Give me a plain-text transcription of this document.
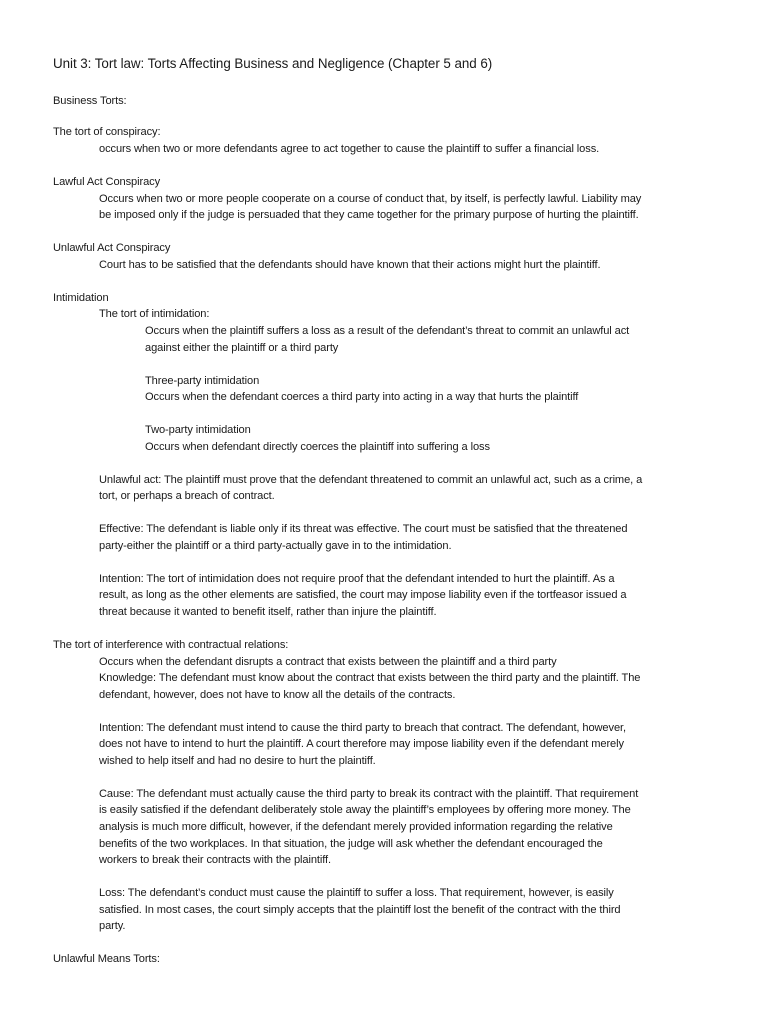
Unit 3: Tort law: Torts Affecting Business and Negligence (Chapter 5 and 6)
Business Torts:
The tort of conspiracy:
occurs when two or more defendants agree to act together to cause the plaintiff to suffer a financial loss.
Lawful Act Conspiracy
Occurs when two or more people cooperate on a course of conduct that, by itself, is perfectly lawful. Liability may
be imposed only if the judge is persuaded that they came together for the primary purpose of hurting the plaintiff.
Unlawful Act Conspiracy
Court has to be satisfied that the defendants should have known that their actions might hurt the plaintiff.
Intimidation
The tort of intimidation:
Occurs when the plaintiff suffers a loss as a result of the defendant’s threat to commit an unlawful act
against either the plaintiff or a third party
Three-party intimidation
Occurs when the defendant coerces a third party into acting in a way that hurts the plaintiff
Two-party intimidation
Occurs when defendant directly coerces the plaintiff into suffering a loss
Unlawful act: The plaintiff must prove that the defendant threatened to commit an unlawful act, such as a crime, a
tort, or perhaps a breach of contract.
Effective: The defendant is liable only if its threat was effective. The court must be satisfied that the threatened
party-either the plaintiff or a third party-actually gave in to the intimidation.
Intention: The tort of intimidation does not require proof that the defendant intended to hurt the plaintiff. As a
result, as long as the other elements are satisfied, the court may impose liability even if the tortfeasor issued a
threat because it wanted to benefit itself, rather than injure the plaintiff.
The tort of interference with contractual relations:
Occurs when the defendant disrupts a contract that exists between the plaintiff and a third party
Knowledge: The defendant must know about the contract that exists between the third party and the plaintiff. The
defendant, however, does not have to know all the details of the contracts.
Intention: The defendant must intend to cause the third party to breach that contract. The defendant, however,
does not have to intend to hurt the plaintiff. A court therefore may impose liability even if the defendant merely
wished to help itself and had no desire to hurt the plaintiff.
Cause: The defendant must actually cause the third party to break its contract with the plaintiff. That requirement
is easily satisfied if the defendant deliberately stole away the plaintiff’s employees by offering more money. The
analysis is much more difficult, however, if the defendant merely provided information regarding the relative
benefits of the two workplaces. In that situation, the judge will ask whether the defendant encouraged the
workers to break their contracts with the plaintiff.
Loss: The defendant’s conduct must cause the plaintiff to suffer a loss. That requirement, however, is easily
satisfied. In most cases, the court simply accepts that the plaintiff lost the benefit of the contract with the third
party.
Unlawful Means Torts:
